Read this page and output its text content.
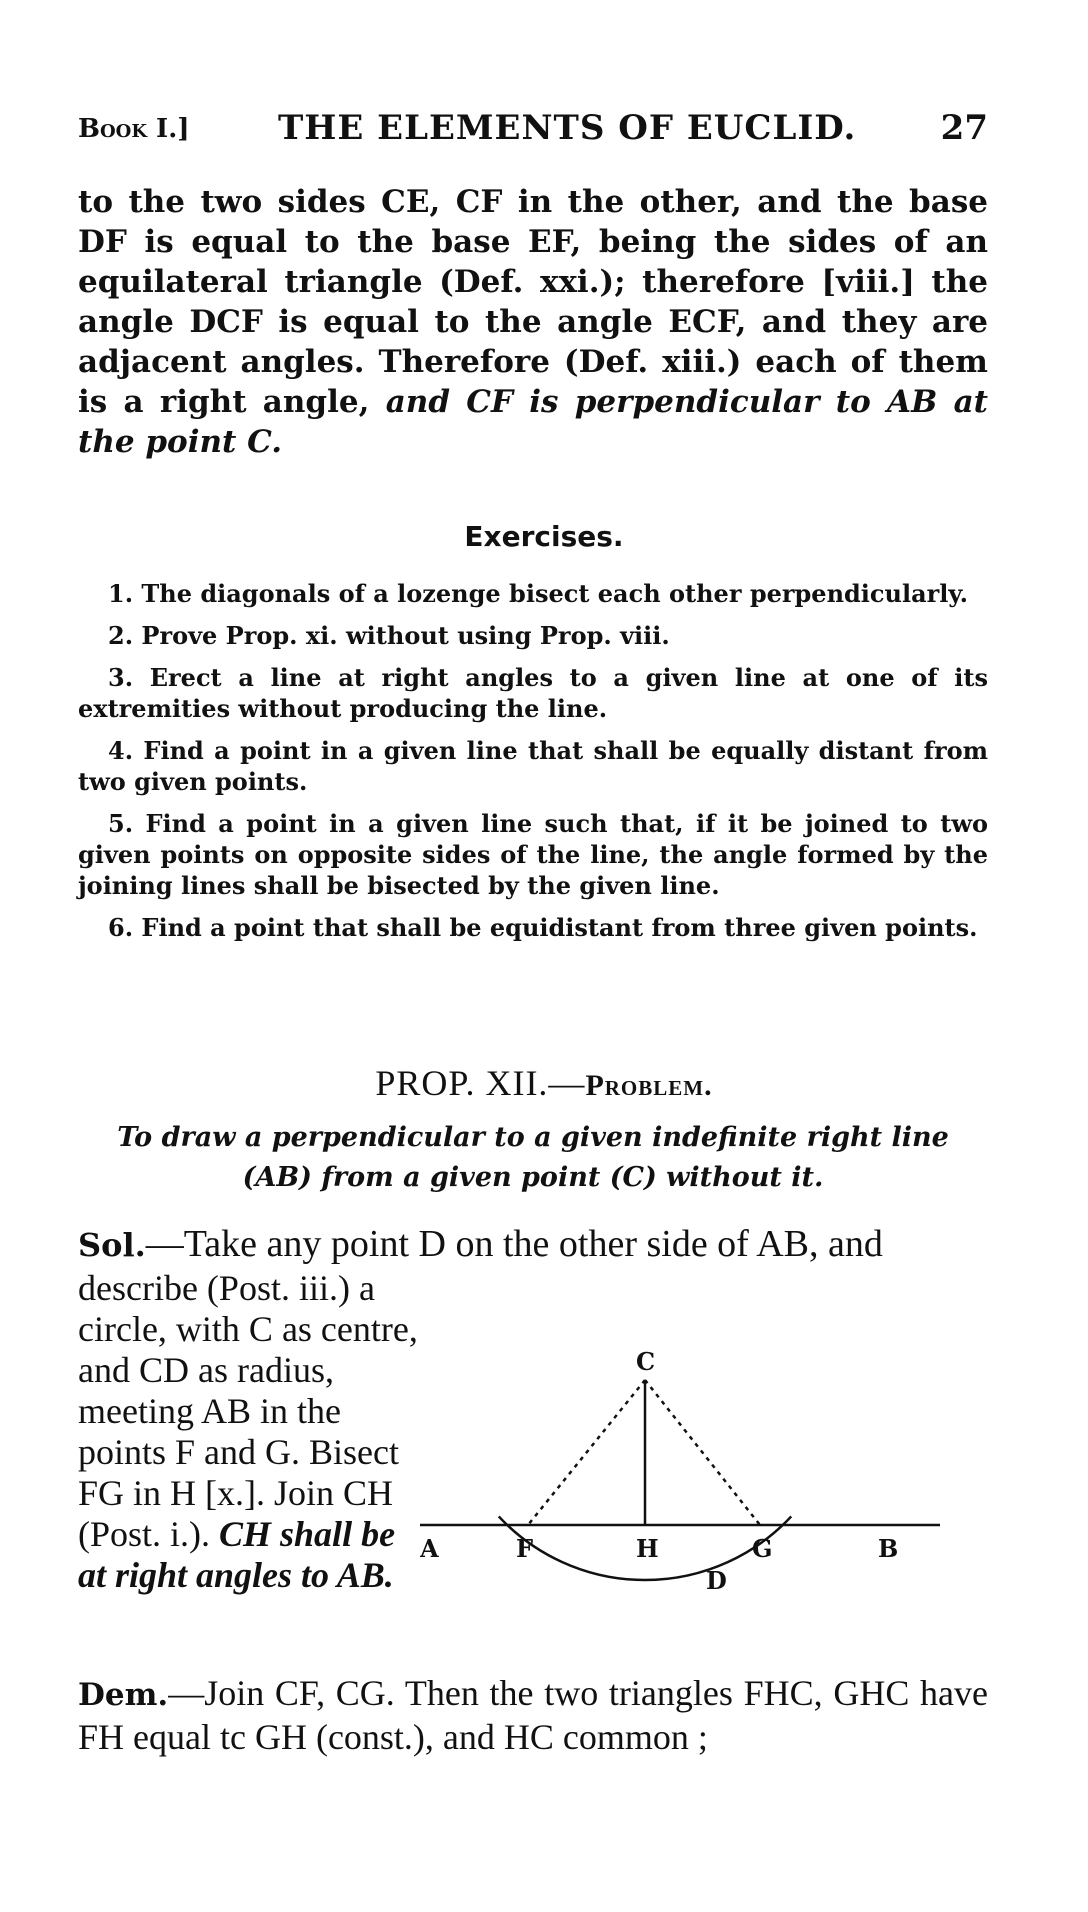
Book I.]	THE ELEMENTS OF EUCLID. 27

to the two sides CE, CF in the other, and the base DF is equal to the base EF, being the sides of an equilateral triangle (Def. xxi.); therefore [viii.] the angle DCF is equal to the angle ECF, and they are adjacent angles. Therefore (Def. xiii.) each of them is a right angle, and CF is perpendicular to AB at the point C.

Exercises.

1. The diagonals of a lozenge bisect each other perpendicularly.

2. Prove Prop. xi. without using Prop. viii.

3. Erect a line at right angles to a given line at one of its extremities without producing the line.

4. Find a point in a given line that shall be equally distant from two given points.

5. Find a point in a given line such that, if it be joined to two given points on opposite sides of the line, the angle formed by the joining lines shall be bisected by the given line.

6. Find a point that shall be equidistant from three given points.

PROP. XII.—Problem.
To draw a perpendicular to a given indefinite right line
(AB) from a given point (C) without it.
Sol.—Take any point D on the other side of AB, and

describe (Post. iii.) a circle, with C as centre, and CD as radius, meeting AB in the points F and G. Bisect FG in H [x.]. Join CH (Post. i.). CH shall be at right angles to AB.

C
A	F	H	G	B
D

Dem.—Join CF, CG. Then the two triangles FHC, GHC have FH equal tc GH (const.), and HC common ;
